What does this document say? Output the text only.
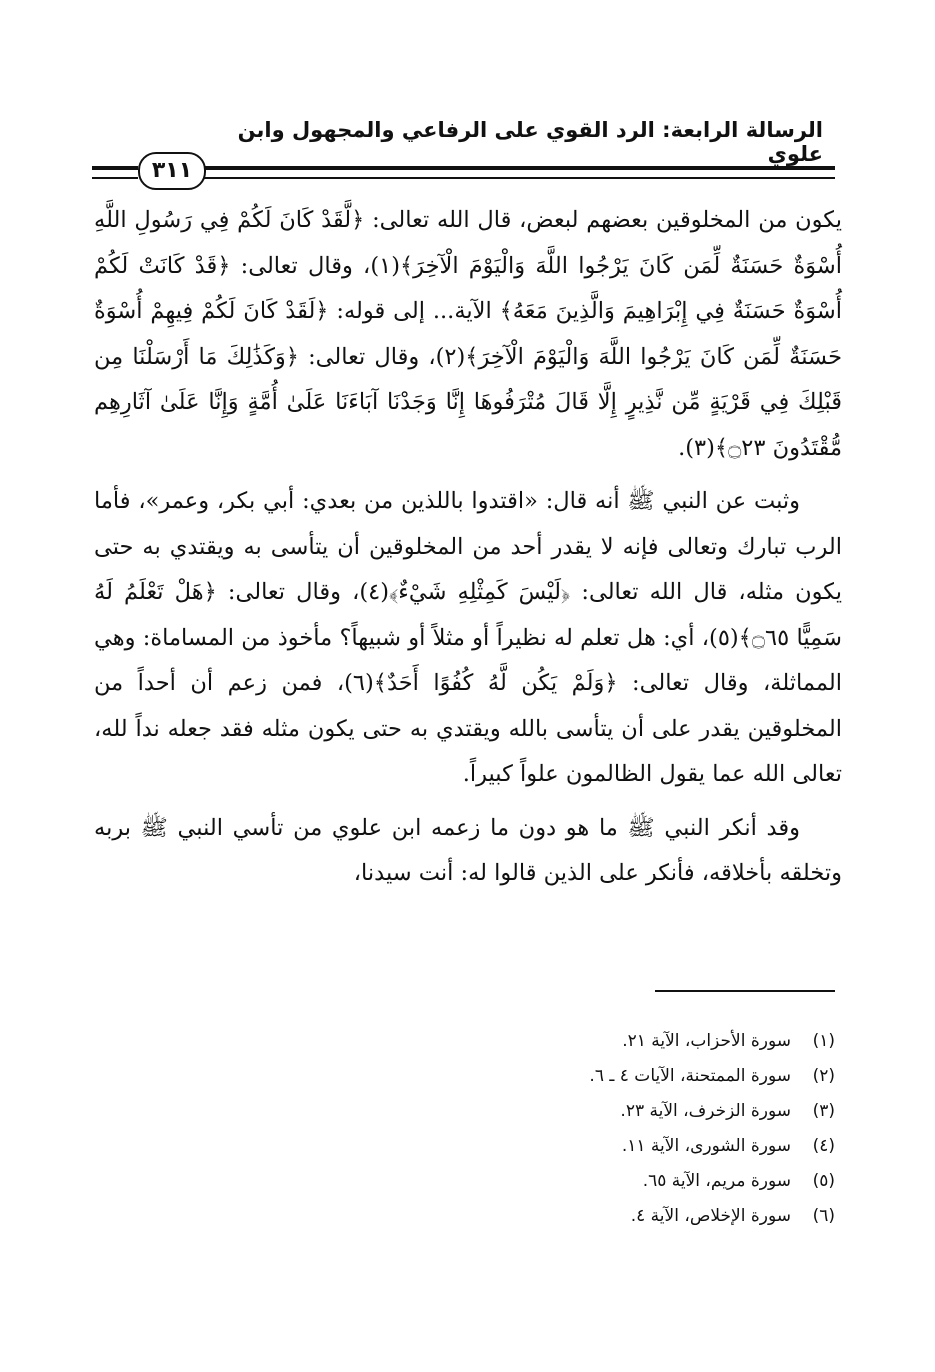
الرسالة الرابعة: الرد القوي على الرفاعي والمجهول وابن علوي
٣١١

يكون من المخلوقين بعضهم لبعض، قال الله تعالى: ﴿لَّقَدْ كَانَ لَكُمْ فِي رَسُولِ اللَّهِ أُسْوَةٌ حَسَنَةٌ لِّمَن كَانَ يَرْجُوا اللَّهَ وَالْيَوْمَ الْآخِرَ﴾(١)، وقال تعالى: ﴿قَدْ كَانَتْ لَكُمْ أُسْوَةٌ حَسَنَةٌ فِي إِبْرَاهِيمَ وَالَّذِينَ مَعَهُ﴾ الآية... إلى قوله: ﴿لَقَدْ كَانَ لَكُمْ فِيهِمْ أُسْوَةٌ حَسَنَةٌ لِّمَن كَانَ يَرْجُوا اللَّهَ وَالْيَوْمَ الْآخِرَ﴾(٢)، وقال تعالى: ﴿وَكَذَٰلِكَ مَا أَرْسَلْنَا مِن قَبْلِكَ فِي قَرْيَةٍ مِّن نَّذِيرٍ إِلَّا قَالَ مُتْرَفُوهَا إِنَّا وَجَدْنَا آبَاءَنَا عَلَىٰ أُمَّةٍ وَإِنَّا عَلَىٰ آثَارِهِم مُّقْتَدُونَ ۝٢٣﴾(٣).

وثبت عن النبي ﷺ أنه قال: «اقتدوا باللذين من بعدي: أبي بكر، وعمر»، فأما الرب تبارك وتعالى فإنه لا يقدر أحد من المخلوقين أن يتأسى به ويقتدي به حتى يكون مثله، قال الله تعالى: ﴿لَيْسَ كَمِثْلِهِ شَيْءٌ﴾(٤)، وقال تعالى: ﴿هَلْ تَعْلَمُ لَهُ سَمِيًّا ۝٦٥﴾(٥)، أي: هل تعلم له نظيراً أو مثلاً أو شبيهاً؟ مأخوذ من المساماة: وهي المماثلة، وقال تعالى: ﴿وَلَمْ يَكُن لَّهُ كُفُوًا أَحَدٌ﴾(٦)، فمن زعم أن أحداً من المخلوقين يقدر على أن يتأسى بالله ويقتدي به حتى يكون مثله فقد جعله نداً لله، تعالى الله عما يقول الظالمون علواً كبيراً.

وقد أنكر النبي ﷺ ما هو دون ما زعمه ابن علوي من تأسي النبي ﷺ بربه وتخلقه بأخلاقه، فأنكر على الذين قالوا له: أنت سيدنا،

(١)سورة الأحزاب، الآية ٢١.
(٢)سورة الممتحنة، الآيات ٤ ـ ٦.
(٣)سورة الزخرف، الآية ٢٣.
(٤)سورة الشورى، الآية ١١.
(٥)سورة مريم، الآية ٦٥.
(٦)سورة الإخلاص، الآية ٤.
